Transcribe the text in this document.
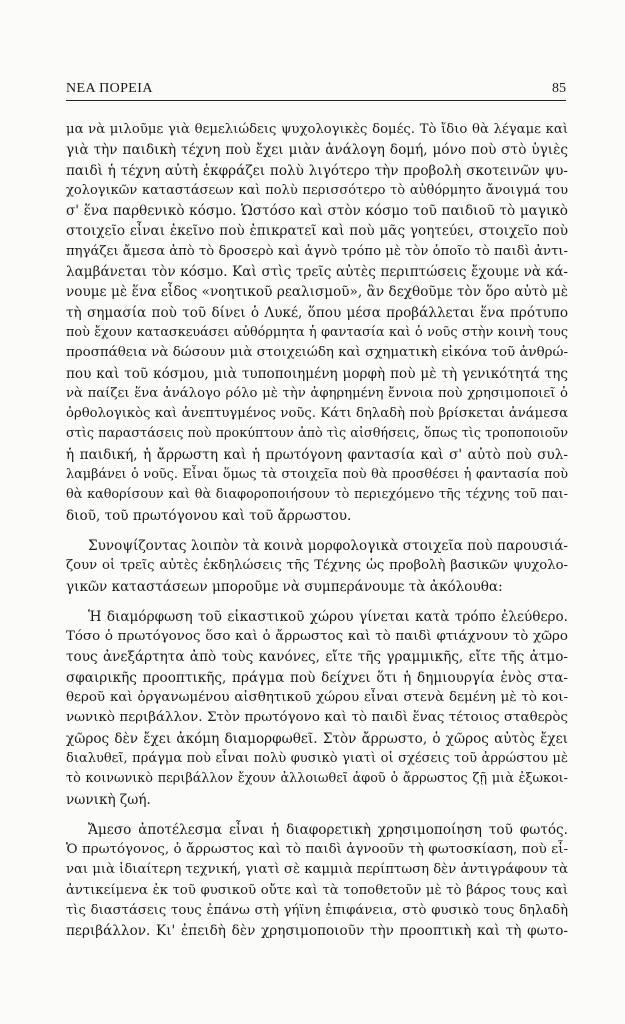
ΝΕΑ ΠΟΡΕΙΑ	85
μα νὰ μιλοῦμε γιὰ θεμελιώδεις ψυχολογικὲς δομές. Τὸ ἴδιο θὰ λέγαμε καὶ
γιὰ τὴν παιδικὴ τέχνη ποὺ ἔχει μιὰν ἀνάλογη δομή, μόνο ποὺ στὸ ὑγιὲς
παιδὶ ἡ τέχνη αὐτὴ ἐκφράζει πολὺ λιγότερο τὴν προβολὴ σκοτεινῶν ψυ-
χολογικῶν καταστάσεων καὶ πολὺ περισσότερο τὸ αὐθόρμητο ἄνοιγμά του
σ' ἕνα παρθενικὸ κόσμο. Ὡστόσο καὶ στὸν κόσμο τοῦ παιδιοῦ τὸ μαγικὸ
στοιχεῖο εἶναι ἐκεῖνο ποὺ ἐπικρατεῖ καὶ ποὺ μᾶς γοητεύει, στοιχεῖο ποὺ
πηγάζει ἄμεσα ἀπὸ τὸ δροσερὸ καὶ ἁγνὸ τρόπο μὲ τὸν ὁποῖο τὸ παιδὶ ἀντι-
λαμβάνεται τὸν κόσμο. Καὶ στὶς τρεῖς αὐτὲς περιπτώσεις ἔχουμε νὰ κά-
νουμε μὲ ἕνα εἶδος «νοητικοῦ ρεαλισμοῦ», ἂν δεχθοῦμε τὸν ὅρο αὐτὸ μὲ
τὴ σημασία ποὺ τοῦ δίνει ὁ Λυκέ, ὅπου μέσα προβάλλεται ἕνα πρότυπο
ποὺ ἔχουν κατασκευάσει αὐθόρμητα ἡ φαντασία καὶ ὁ νοῦς στὴν κοινὴ τους
προσπάθεια νὰ δώσουν μιὰ στοιχειώδη καὶ σχηματικὴ εἰκόνα τοῦ ἀνθρώ-
που καὶ τοῦ κόσμου, μιὰ τυποποιημένη μορφὴ ποὺ μὲ τὴ γενικότητά της
νὰ παίζει ἕνα ἀνάλογο ρόλο μὲ τὴν ἀφηρημένη ἔννοια ποὺ χρησιμοποιεῖ ὁ
ὀρθολογικὸς καὶ ἀνεπτυγμένος νοῦς. Κάτι δηλαδὴ ποὺ βρίσκεται ἀνάμεσα
στὶς παραστάσεις ποὺ προκύπτουν ἀπὸ τὶς αἰσθήσεις, ὅπως τὶς τροποποιοῦν
ἡ παιδική, ἡ ἄρρωστη καὶ ἡ πρωτόγονη φαντασία καὶ σ' αὐτὸ ποὺ συλ-
λαμβάνει ὁ νοῦς. Εἶναι ὅμως τὰ στοιχεῖα ποὺ θὰ προσθέσει ἡ φαντασία ποὺ
θὰ καθορίσουν καὶ θὰ διαφοροποιήσουν τὸ περιεχόμενο τῆς τέχνης τοῦ παι-
διοῦ, τοῦ πρωτόγονου καὶ τοῦ ἄρρωστου.
Συνοψίζοντας λοιπὸν τὰ κοινὰ μορφολογικὰ στοιχεῖα ποὺ παρουσιά-
ζουν οἱ τρεῖς αὐτὲς ἐκδηλώσεις τῆς Τέχνης ὡς προβολὴ βασικῶν ψυχολο-
γικῶν καταστάσεων μποροῦμε νὰ συμπεράνουμε τὰ ἀκόλουθα:
Ἡ διαμόρφωση τοῦ εἰκαστικοῦ χώρου γίνεται κατὰ τρόπο ἐλεύθερο.
Τόσο ὁ πρωτόγονος ὅσο καὶ ὁ ἄρρωστος καὶ τὸ παιδὶ φτιάχνουν τὸ χῶρο
τους ἀνεξάρτητα ἀπὸ τοὺς κανόνες, εἴτε τῆς γραμμικῆς, εἴτε τῆς ἀτμο-
σφαιρικῆς προοπτικῆς, πράγμα ποὺ δείχνει ὅτι ἡ δημιουργία ἑνὸς στα-
θεροῦ καὶ ὀργανωμένου αἰσθητικοῦ χώρου εἶναι στενὰ δεμένη μὲ τὸ κοι-
νωνικὸ περιβάλλον. Στὸν πρωτόγονο καὶ τὸ παιδὶ ἕνας τέτοιος σταθερὸς
χῶρος δὲν ἔχει ἀκόμη διαμορφωθεῖ. Στὸν ἄρρωστο, ὁ χῶρος αὐτὸς ἔχει
διαλυθεῖ, πράγμα ποὺ εἶναι πολὺ φυσικὸ γιατὶ οἱ σχέσεις τοῦ ἀρρώστου μὲ
τὸ κοινωνικὸ περιβάλλον ἔχουν ἀλλοιωθεῖ ἀφοῦ ὁ ἄρρωστος ζῇ μιὰ ἐξωκοι-
νωνικὴ ζωή.
Ἄμεσο ἀποτέλεσμα εἶναι ἡ διαφορετικὴ χρησιμοποίηση τοῦ φωτός.
Ὁ πρωτόγονος, ὁ ἄρρωστος καὶ τὸ παιδὶ ἀγνοοῦν τὴ φωτοσκίαση, ποὺ εἶ-
ναι μιὰ ἰδιαίτερη τεχνική, γιατὶ σὲ καμμιὰ περίπτωση δὲν ἀντιγράφουν τὰ
ἀντικείμενα ἐκ τοῦ φυσικοῦ οὔτε καὶ τὰ τοποθετοῦν μὲ τὸ βάρος τους καὶ
τὶς διαστάσεις τους ἐπάνω στὴ γήϊνη ἐπιφάνεια, στὸ φυσικὸ τους δηλαδὴ
περιβάλλον. Κι' ἐπειδὴ δὲν χρησιμοποιοῦν τὴν προοπτικὴ καὶ τὴ φωτο-
